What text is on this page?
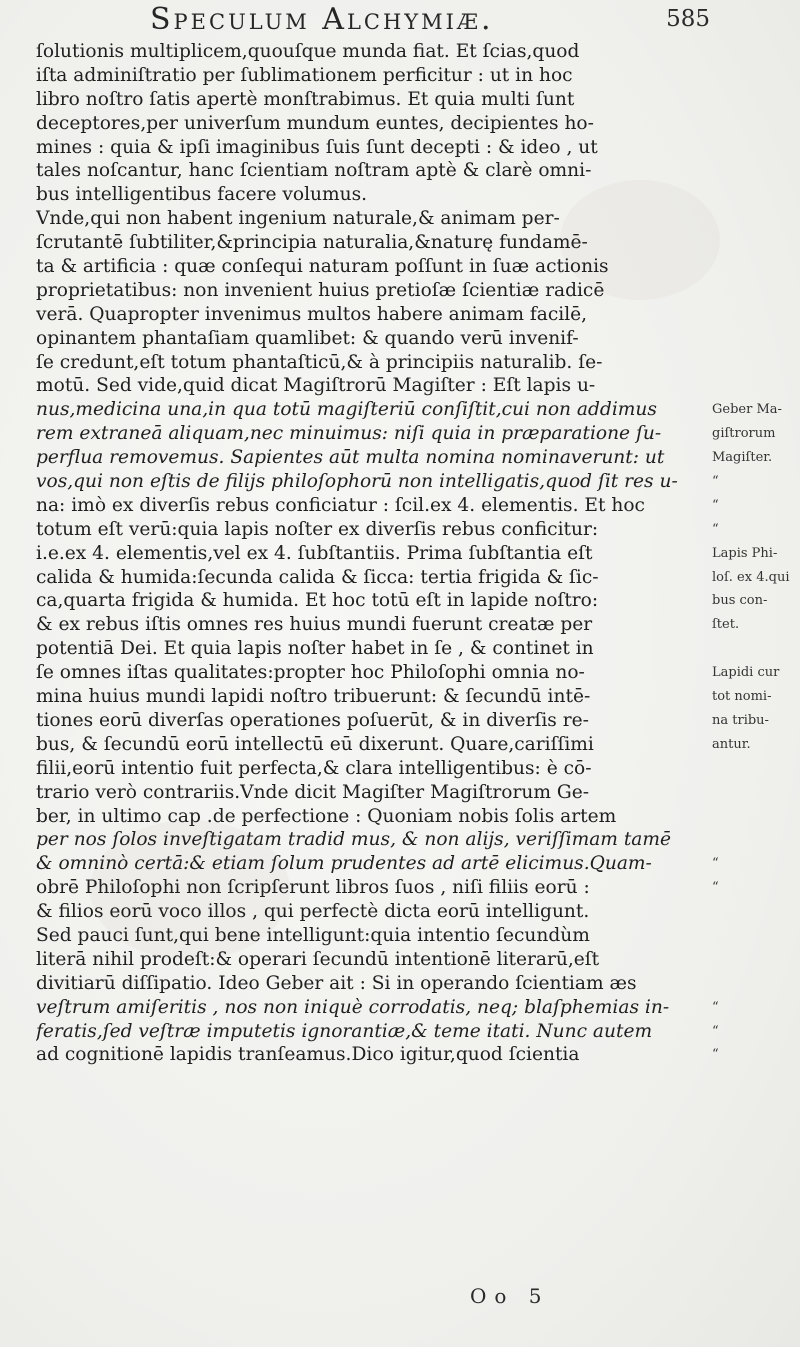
Speculum Alchymiæ.	585
ſolutionis multiplicem,quouſque munda fiat. Et ſcias,quod
iſta adminiſtratio per ſublimationem perficitur : ut in hoc
libro noſtro ſatis apertè monſtrabimus. Et quia multi ſunt
deceptores,per univerſum mundum euntes, decipientes ho-
mines : quia & ipſi imaginibus ſuis ſunt decepti : & ideo , ut
tales noſcantur, hanc ſcientiam noſtram aptè & clarè omni-
bus intelligentibus facere volumus.
Vnde,qui non habent ingenium naturale,& animam per-
ſcrutantē ſubtiliter,&principia naturalia,&naturę fundamē-
ta & artificia : quæ conſequi naturam poſſunt in ſuæ actionis
proprietatibus: non invenient huius pretioſæ ſcientiæ radicē
verā. Quapropter invenimus multos habere animam facilē,
opinantem phantaſiam quamlibet: & quando verū invenif-
ſe credunt,eſt totum phantaſticū,& à principiis naturalib. ſe-
motū. Sed vide,quid dicat Magiſtrorū Magiſter : Eſt lapis u-
nus,medicina una,in qua totū magiſteriū conſiſtit,cui non addimus
rem extraneā aliquam,nec minuimus: niſi quia in præparatione ſu-
perflua removemus. Sapientes aūt multa nomina nominaverunt: ut
vos,qui non eſtis de filijs philoſophorū non intelligatis,quod ſit res u-
na: imò ex diverſis rebus conficiatur : ſcil.ex 4. elementis. Et hoc
totum eſt verū:quia lapis noſter ex diverſis rebus conficitur:
i.e.ex 4. elementis,vel ex 4. ſubſtantiis. Prima ſubſtantia eſt
calida & humida:ſecunda calida & ſicca: tertia frigida & ſic-
ca,quarta frigida & humida. Et hoc totū eſt in lapide noſtro:
& ex rebus iſtis omnes res huius mundi fuerunt creatæ per
potentiā Dei. Et quia lapis noſter habet in ſe , & continet in
ſe omnes iſtas qualitates:propter hoc Philoſophi omnia no-
mina huius mundi lapidi noſtro tribuerunt: & ſecundū intē-
tiones eorū diverſas operationes poſuerūt, & in diverſis re-
bus, & ſecundū eorū intellectū eū dixerunt. Quare,cariſſimi
filii,eorū intentio fuit perfecta,& clara intelligentibus: è cō-
trario verò contrariis.Vnde dicit Magiſter Magiſtrorum Ge-
ber, in ultimo cap .de perfectione : Quoniam nobis ſolis artem
per nos ſolos inveſtigatam tradid mus, & non alijs, veriſſimam tamē
& omninò certā:& etiam ſolum prudentes ad artē elicimus.Quam-
obrē Philoſophi non ſcripſerunt libros ſuos , niſi filiis eorū :
& filios eorū voco illos , qui perfectè dicta eorū intelligunt.
Sed pauci ſunt,qui bene intelligunt:quia intentio ſecundùm
literā nihil prodeſt:& operari ſecundū intentionē literarū,eſt
divitiarū diſſipatio. Ideo Geber ait : Si in operando ſcientiam æs
veſtrum amiſeritis , nos non iniquè corrodatis, neq; blaſphemias in-
feratis,ſed veſtræ imputetis ignorantiæ,& teme itati. Nunc autem
ad cognitionē lapidis tranſeamus.Dico igitur,quod ſcientia
Geber Ma-
giſtrorum
Magiſter.
“
“
“
Lapis Phi-
loſ. ex 4.qui
bus con-
ſtet.
Lapidi cur
tot nomi-
na tribu-
antur.
“
“
“
“
“
Oo 5
